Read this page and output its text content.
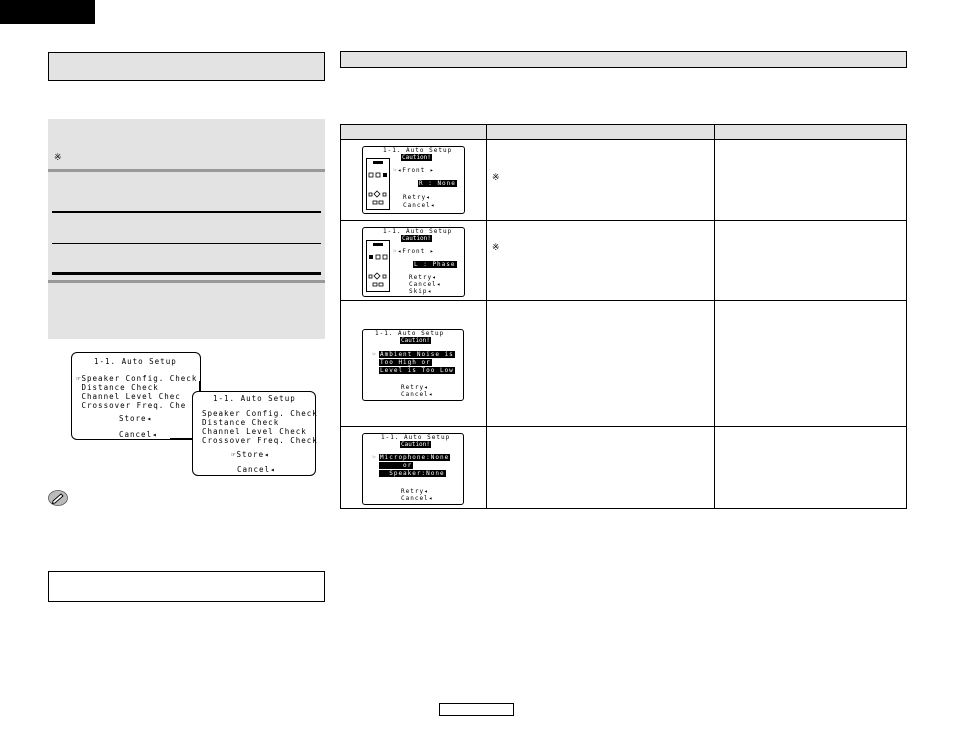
※
1-1. Auto Setup
☞Speaker Config. Check
Distance Check
Channel Level Chec
Crossover Freq. Che
Store◂
Cancel◂
1-1. Auto Setup
Speaker Config. Check
Distance Check
Channel Level Check
Crossover Freq. Check
☞Store◂
Cancel◂
※
※
1-1. Auto Setup
Caution!
☞◂Front ▸
R : None
Retry◂
Cancel◂
1-1. Auto Setup
Caution!
☞◂Front ▸
L : Phase
Retry◂
Cancel◂
Skip◂
1-1. Auto Setup
Caution!
☞ Ambient Noise is
Too High or
Level is Too Low
Retry◂
Cancel◂
1-1. Auto Setup
Caution!
☞ Microphone:None
or
Speaker:None
Retry◂
Cancel◂
